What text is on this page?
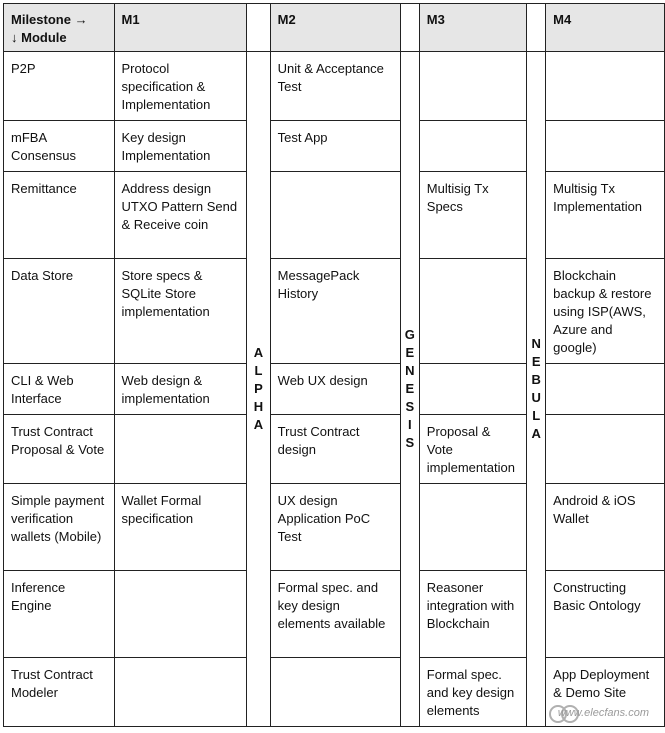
Milestone →
↓ Module	M1		M2		M3		M4
P2P	Protocol specification & Implementation	ALPHA	Unit & Acceptance Test	GENESIS		NEBULA	
mFBA Consensus	Key design Implementation		Test App				
Remittance	Address design UTXO Pattern Send & Receive coin				Multisig Tx Specs		Multisig Tx Implementation
Data Store	Store specs & SQLite Store implementation		MessagePack History				Blockchain backup & restore using ISP(AWS, Azure and google)
CLI & Web Interface	Web design & implementation		Web UX design				
Trust Contract Proposal & Vote			Trust Contract design		Proposal & Vote implementation		
Simple payment verification wallets (Mobile)	Wallet Formal specification		UX design Application PoC Test				Android & iOS Wallet
Inference Engine			Formal spec. and key design elements available		Reasoner integration with Blockchain		Constructing Basic Ontology
Trust Contract Modeler					Formal spec. and key design elements		App Deployment & Demo Site
www.elecfans.com
